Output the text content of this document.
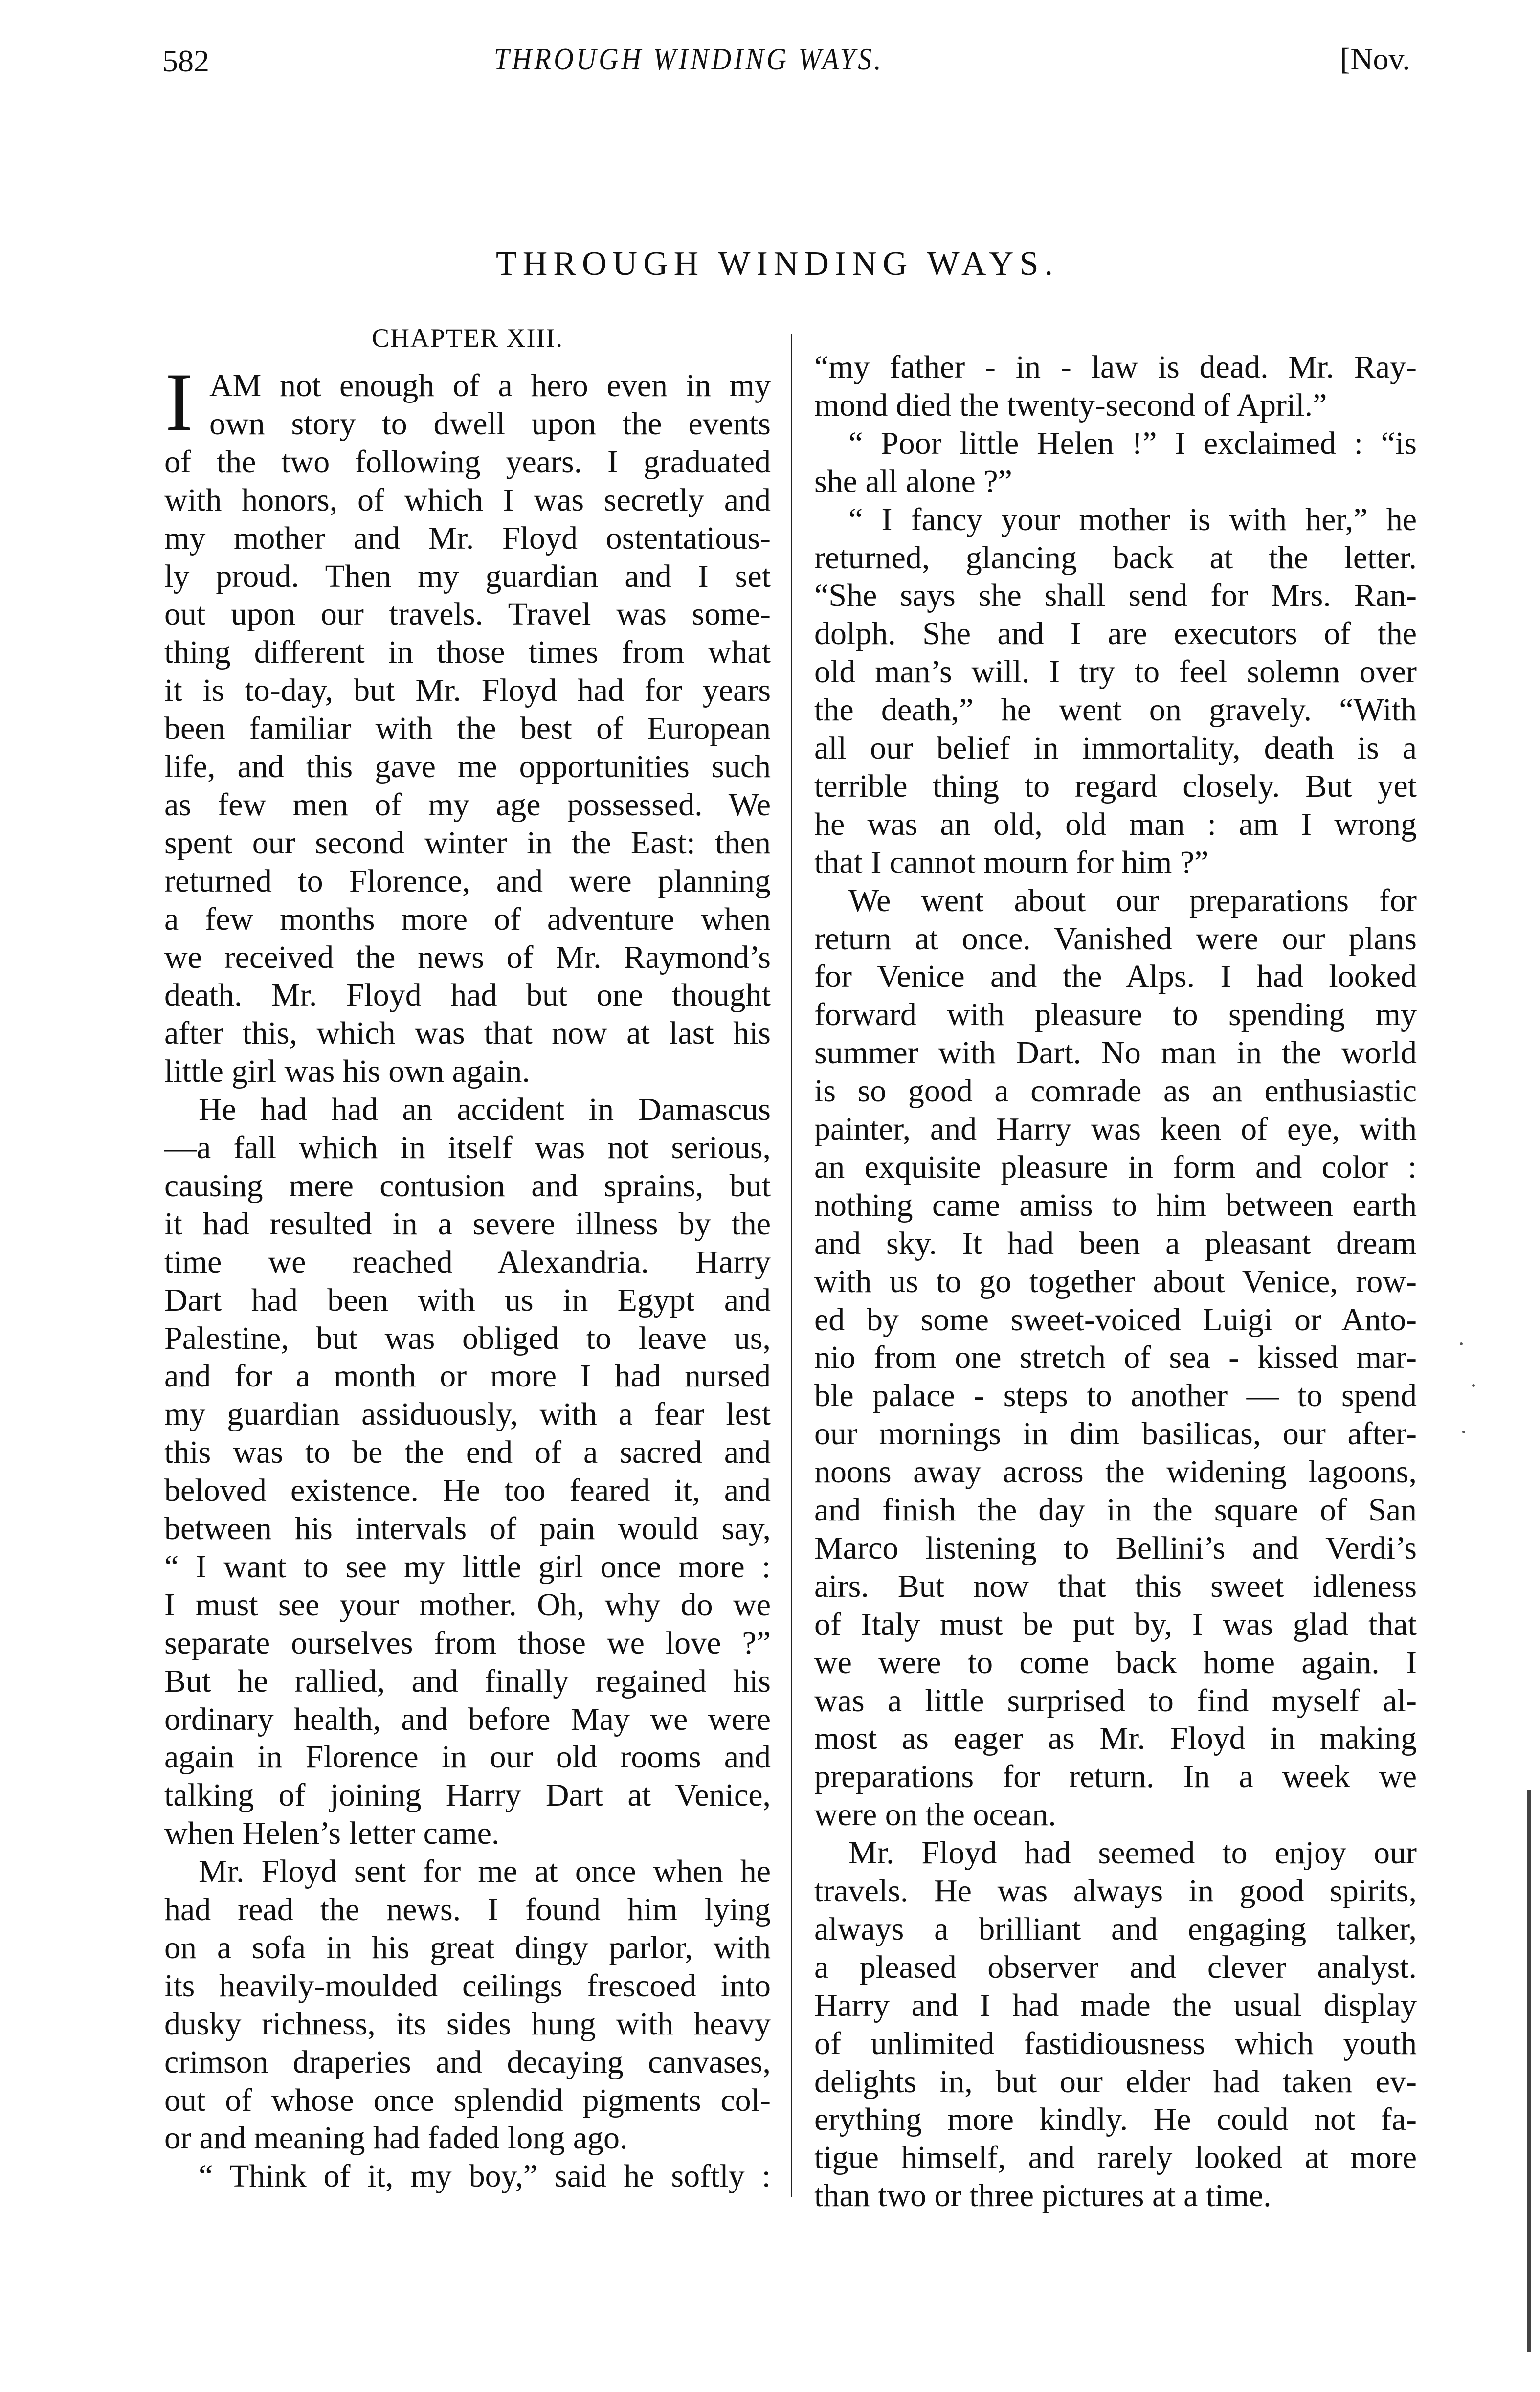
582	THROUGH WINDING WAYS.	[Nov.
THROUGH WINDING WAYS.
CHAPTER XIII.
I AM not enough of a hero even in my
own story to dwell upon the events
of the two following years. I graduated
with honors, of which I was secretly and
my mother and Mr. Floyd ostentatious-
ly proud. Then my guardian and I set
out upon our travels. Travel was some-
thing different in those times from what
it is to-day, but Mr. Floyd had for years
been familiar with the best of European
life, and this gave me opportunities such
as few men of my age possessed. We
spent our second winter in the East: then
returned to Florence, and were planning
a few months more of adventure when
we received the news of Mr. Raymond’s
death. Mr. Floyd had but one thought
after this, which was that now at last his
little girl was his own again.
He had had an accident in Damascus
—a fall which in itself was not serious,
causing mere contusion and sprains, but
it had resulted in a severe illness by the
time we reached Alexandria. Harry
Dart had been with us in Egypt and
Palestine, but was obliged to leave us,
and for a month or more I had nursed
my guardian assiduously, with a fear lest
this was to be the end of a sacred and
beloved existence. He too feared it, and
between his intervals of pain would say,
“ I want to see my little girl once more :
I must see your mother. Oh, why do we
separate ourselves from those we love ?”
But he rallied, and finally regained his
ordinary health, and before May we were
again in Florence in our old rooms and
talking of joining Harry Dart at Venice,
when Helen’s letter came.
Mr. Floyd sent for me at once when he
had read the news. I found him lying
on a sofa in his great dingy parlor, with
its heavily-moulded ceilings frescoed into
dusky richness, its sides hung with heavy
crimson draperies and decaying canvases,
out of whose once splendid pigments col-
or and meaning had faded long ago.
“ Think of it, my boy,” said he softly :
“my father - in - law is dead. Mr. Ray-
mond died the twenty-second of April.”
“ Poor little Helen !” I exclaimed : “is
she all alone ?”
“ I fancy your mother is with her,” he
returned, glancing back at the letter.
“She says she shall send for Mrs. Ran-
dolph. She and I are executors of the
old man’s will. I try to feel solemn over
the death,” he went on gravely. “With
all our belief in immortality, death is a
terrible thing to regard closely. But yet
he was an old, old man : am I wrong
that I cannot mourn for him ?”
We went about our preparations for
return at once. Vanished were our plans
for Venice and the Alps. I had looked
forward with pleasure to spending my
summer with Dart. No man in the world
is so good a comrade as an enthusiastic
painter, and Harry was keen of eye, with
an exquisite pleasure in form and color :
nothing came amiss to him between earth
and sky. It had been a pleasant dream
with us to go together about Venice, row-
ed by some sweet-voiced Luigi or Anto-
nio from one stretch of sea - kissed mar-
ble palace - steps to another — to spend
our mornings in dim basilicas, our after-
noons away across the widening lagoons,
and finish the day in the square of San
Marco listening to Bellini’s and Verdi’s
airs. But now that this sweet idleness
of Italy must be put by, I was glad that
we were to come back home again. I
was a little surprised to find myself al-
most as eager as Mr. Floyd in making
preparations for return. In a week we
were on the ocean.
Mr. Floyd had seemed to enjoy our
travels. He was always in good spirits,
always a brilliant and engaging talker,
a pleased observer and clever analyst.
Harry and I had made the usual display
of unlimited fastidiousness which youth
delights in, but our elder had taken ev-
erything more kindly. He could not fa-
tigue himself, and rarely looked at more
than two or three pictures at a time.
